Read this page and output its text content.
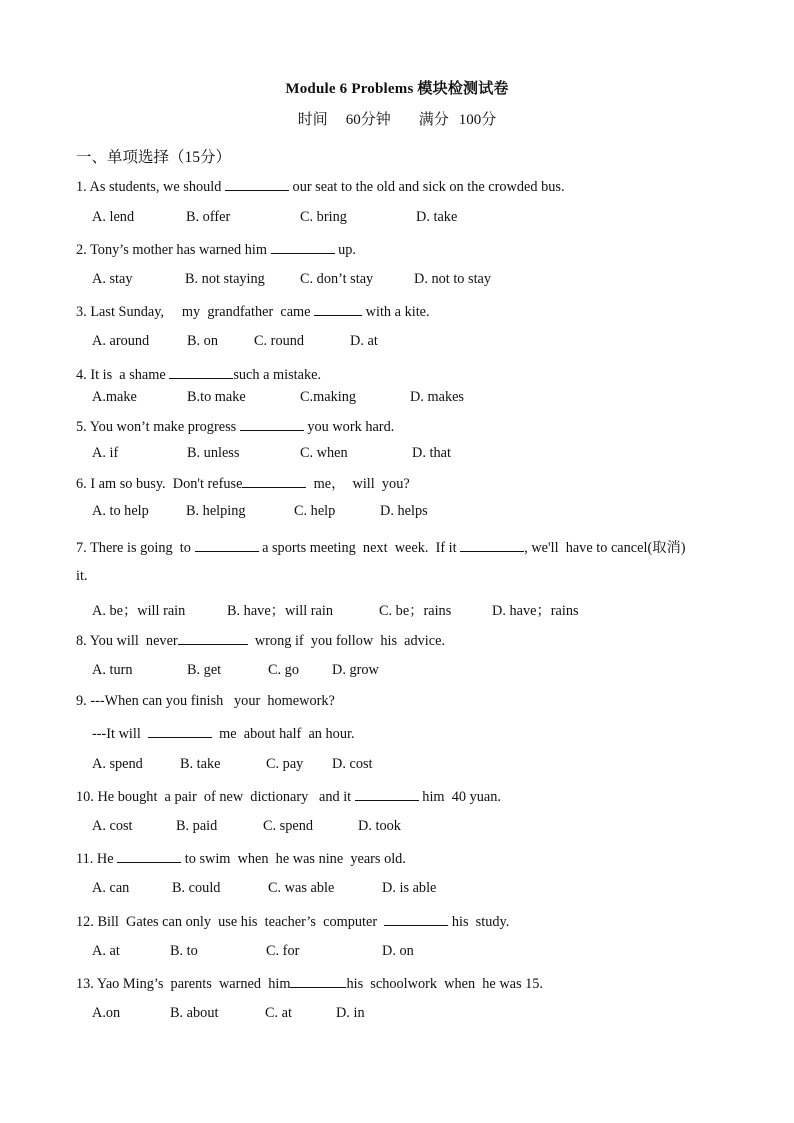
Module 6 Problems 模块检测试卷
时间 60分钟 满分 100分
一、单项选择（15分）
1. As students, we should	our seat to the old and sick on the crowded bus.
A. lend	B. offer	C. bring	D. take
2. Tony’s mother has warned him	up.
A. stay	B. not staying C. don’t stay	D. not to stay
3. Last Sunday,     my  grandfather  came	with a kite.
A. around	B. on	C. round	D. at
4. It is  a shame	such a mistake.
A.make	B.to make	C.making	D. makes
5. You won’t make progress	you work hard.
A. if	B. unless	C. when	D. that
6. I am so busy.  Don't refuse	me，  will  you?
A. to help	B. helping	C. help	D. helps
7. There is going  to	a sports meeting  next  week.  If it	, we'll  have to cancel(取消)
it.
A. be；will rain	B. have；will rain	C. be；rains	D. have；rains
8. You will  never	wrong if  you follow  his  advice.
A. turn	B. get	C. go D. grow
9. ---When can you finish   your  homework?
---It will	me  about half  an hour.
A. spend	B. take	C. pay D. cost
10. He bought  a pair  of new  dictionary   and it	him  40 yuan.
A. cost	B. paid	C. spend	D. took
11. He	to swim  when  he was nine  years old.
A. can	B. could	C. was able	D. is able
12. Bill  Gates can only  use his  teacher’s  computer	his  study.
A. at	B. to	C. for	D. on
13. Yao Ming’s  parents  warned  him	his  schoolwork  when  he was 15.
A.on	B. about	C. at	D. in
